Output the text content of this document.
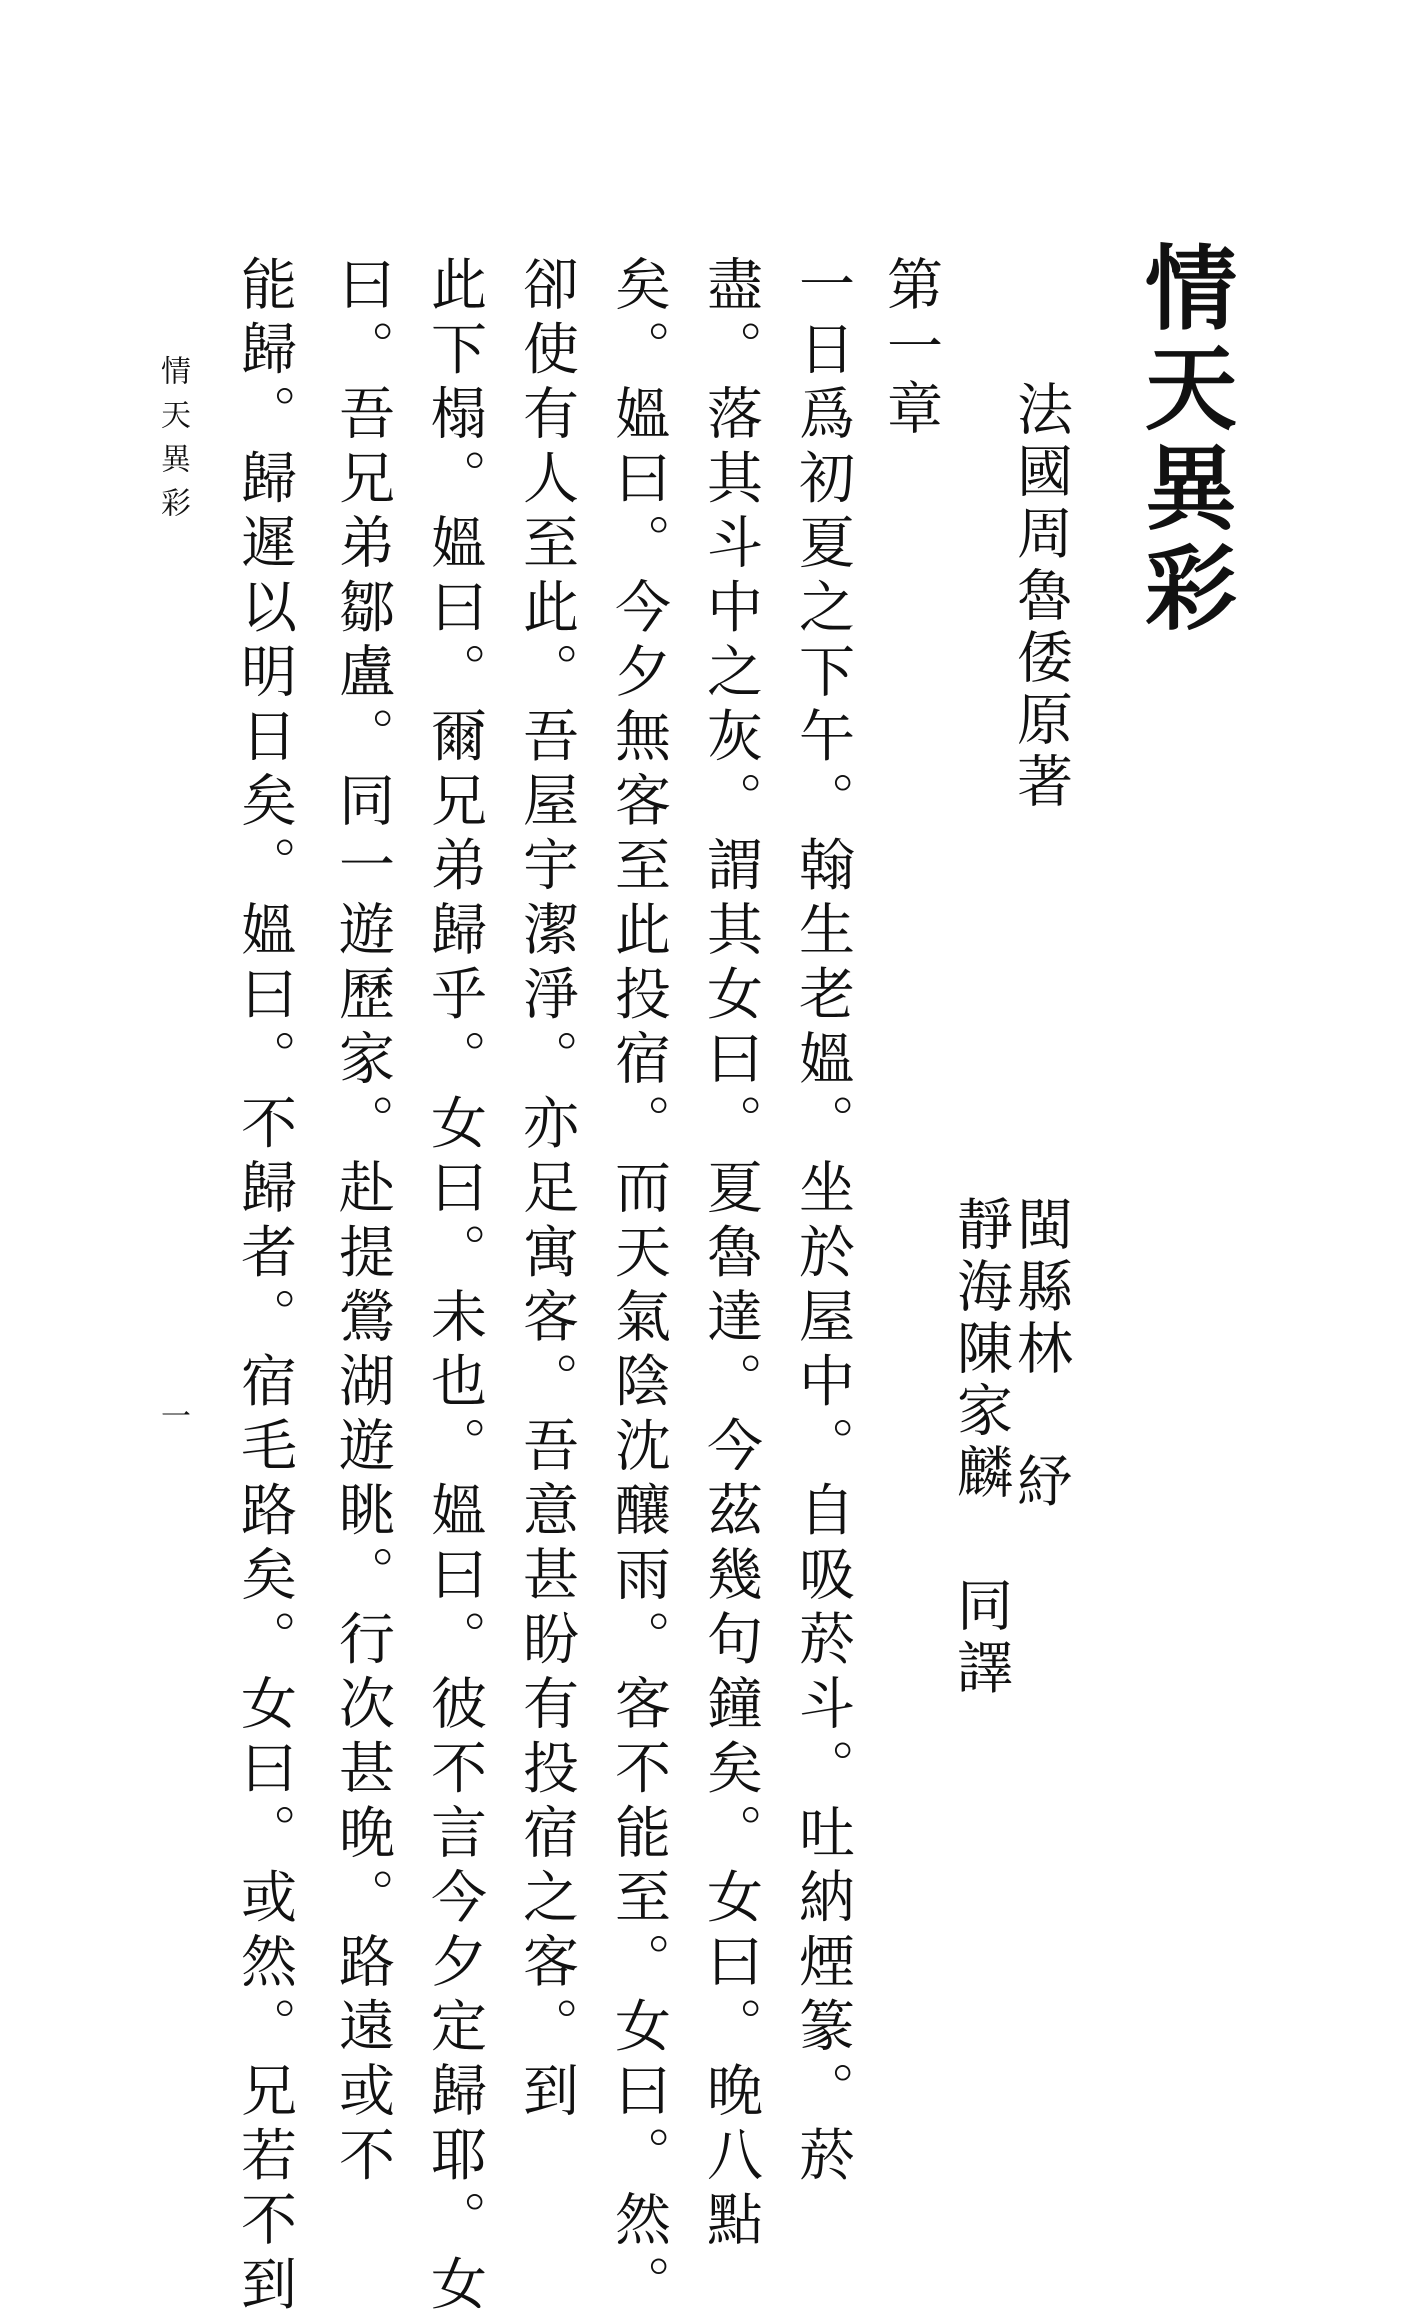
情天異彩
法國周魯倭原著
閩縣林 紓
靜海陳家麟 同譯
第一章
一日爲初夏之下午。翰生老媼。坐於屋中。自吸菸斗。吐納煙篆。菸
盡。落其斗中之灰。謂其女曰。夏魯達。今茲幾句鐘矣。女曰。晚八點
矣。媼曰。今夕無客至此投宿。而天氣陰沈釀雨。客不能至。女曰。然。
卻使有人至此。吾屋宇潔淨。亦足寓客。吾意甚盼有投宿之客。到
此下榻。媼曰。爾兄弟歸乎。女曰。未也。媼曰。彼不言今夕定歸耶。女
曰。吾兄弟鄒盧。同一遊歷家。赴提鶯湖遊眺。行次甚晚。路遠或不
能歸。歸遲以明日矣。媼曰。不歸者。宿毛路矣。女曰。或然。兄若不到
情天異彩
一
